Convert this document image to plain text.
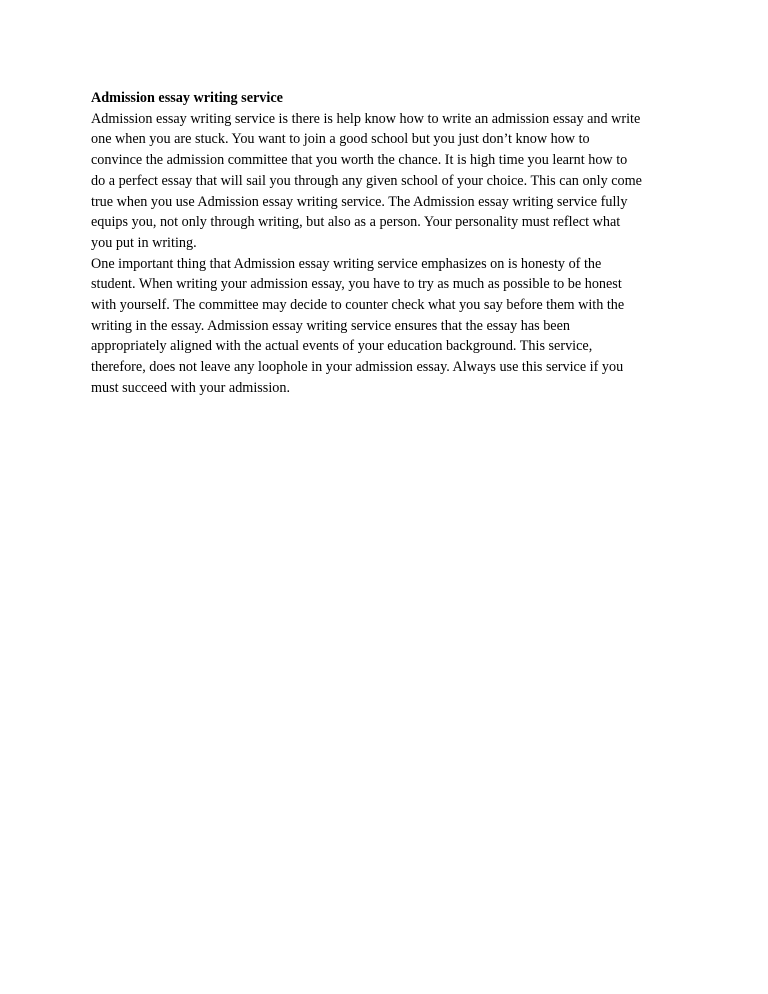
Admission essay writing service
Admission essay writing service is there is help know how to write an admission essay and write
one when you are stuck. You want to join a good school but you just don’t know how to
convince the admission committee that you worth the chance. It is high time you learnt how to
do a perfect essay that will sail you through any given school of your choice. This can only come
true when you use Admission essay writing service. The Admission essay writing service fully
equips you, not only through writing, but also as a person. Your personality must reflect what
you put in writing.
One important thing that Admission essay writing service emphasizes on is honesty of the
student. When writing your admission essay, you have to try as much as possible to be honest
with yourself. The committee may decide to counter check what you say before them with the
writing in the essay. Admission essay writing service ensures that the essay has been
appropriately aligned with the actual events of your education background. This service,
therefore, does not leave any loophole in your admission essay. Always use this service if you
must succeed with your admission.
